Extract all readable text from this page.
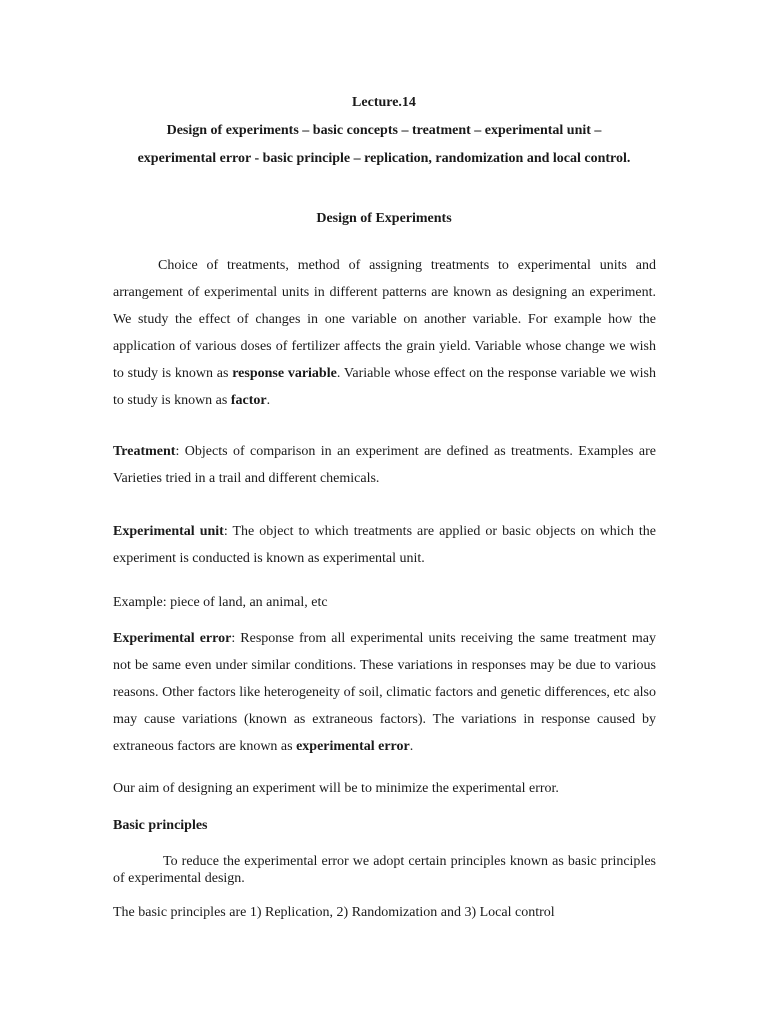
Lecture.14

Design of experiments – basic concepts – treatment – experimental unit –

experimental error - basic principle – replication, randomization and local control.

Design of Experiments

Choice of treatments, method of assigning treatments to experimental units and arrangement of experimental units in different patterns are known as designing an experiment. We study the effect of changes in one variable on another variable. For example how the application of various doses of fertilizer affects the grain yield. Variable whose change we wish to study is known as response variable. Variable whose effect on the response variable we wish to study is known as factor.

Treatment: Objects of comparison in an experiment are defined as treatments. Examples are Varieties tried in a trail and different chemicals.

Experimental unit: The object to which treatments are applied or basic objects on which the experiment is conducted is known as experimental unit.

Example: piece of land, an animal, etc

Experimental error: Response from all experimental units receiving the same treatment may not be same even under similar conditions. These variations in responses may be due to various reasons. Other factors like heterogeneity of soil, climatic factors and genetic differences, etc also may cause variations (known as extraneous factors). The variations in response caused by extraneous factors are known as experimental error.

Our aim of designing an experiment will be to minimize the experimental error.

Basic principles

To reduce the experimental error we adopt certain principles known as basic principles of experimental design.

The basic principles are 1) Replication, 2) Randomization and 3) Local control
